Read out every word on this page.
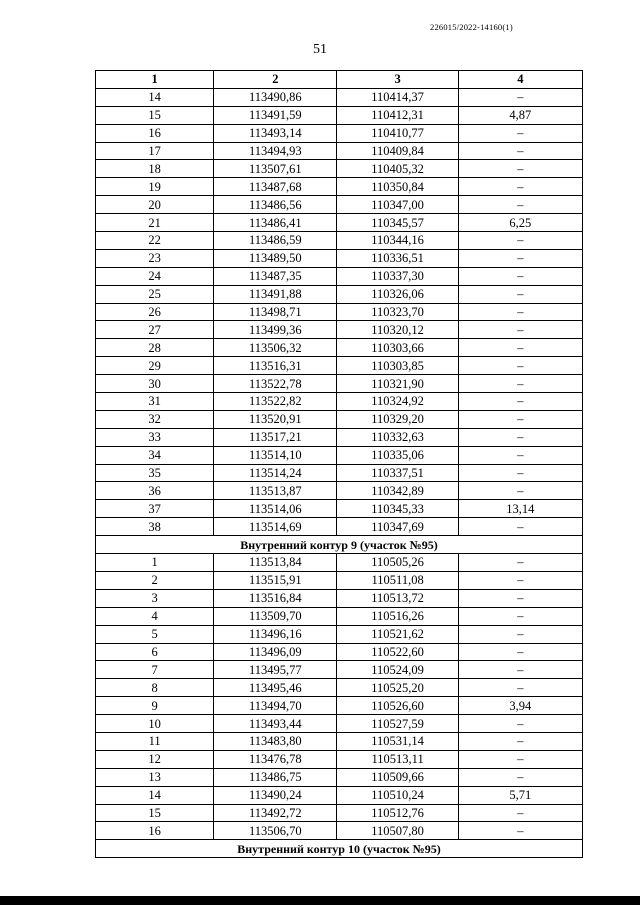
226015/2022-14160(1)
51
1	2	3	4
14	113490,86	110414,37	–
15	113491,59	110412,31	4,87
16	113493,14	110410,77	–
17	113494,93	110409,84	–
18	113507,61	110405,32	–
19	113487,68	110350,84	–
20	113486,56	110347,00	–
21	113486,41	110345,57	6,25
22	113486,59	110344,16	–
23	113489,50	110336,51	–
24	113487,35	110337,30	–
25	113491,88	110326,06	–
26	113498,71	110323,70	–
27	113499,36	110320,12	–
28	113506,32	110303,66	–
29	113516,31	110303,85	–
30	113522,78	110321,90	–
31	113522,82	110324,92	–
32	113520,91	110329,20	–
33	113517,21	110332,63	–
34	113514,10	110335,06	–
35	113514,24	110337,51	–
36	113513,87	110342,89	–
37	113514,06	110345,33	13,14
38	113514,69	110347,69	–
Внутренний контур 9 (участок №95)			
1	113513,84	110505,26	–
2	113515,91	110511,08	–
3	113516,84	110513,72	–
4	113509,70	110516,26	–
5	113496,16	110521,62	–
6	113496,09	110522,60	–
7	113495,77	110524,09	–
8	113495,46	110525,20	–
9	113494,70	110526,60	3,94
10	113493,44	110527,59	–
11	113483,80	110531,14	–
12	113476,78	110513,11	–
13	113486,75	110509,66	–
14	113490,24	110510,24	5,71
15	113492,72	110512,76	–
16	113506,70	110507,80	–
Внутренний контур 10 (участок №95)			
